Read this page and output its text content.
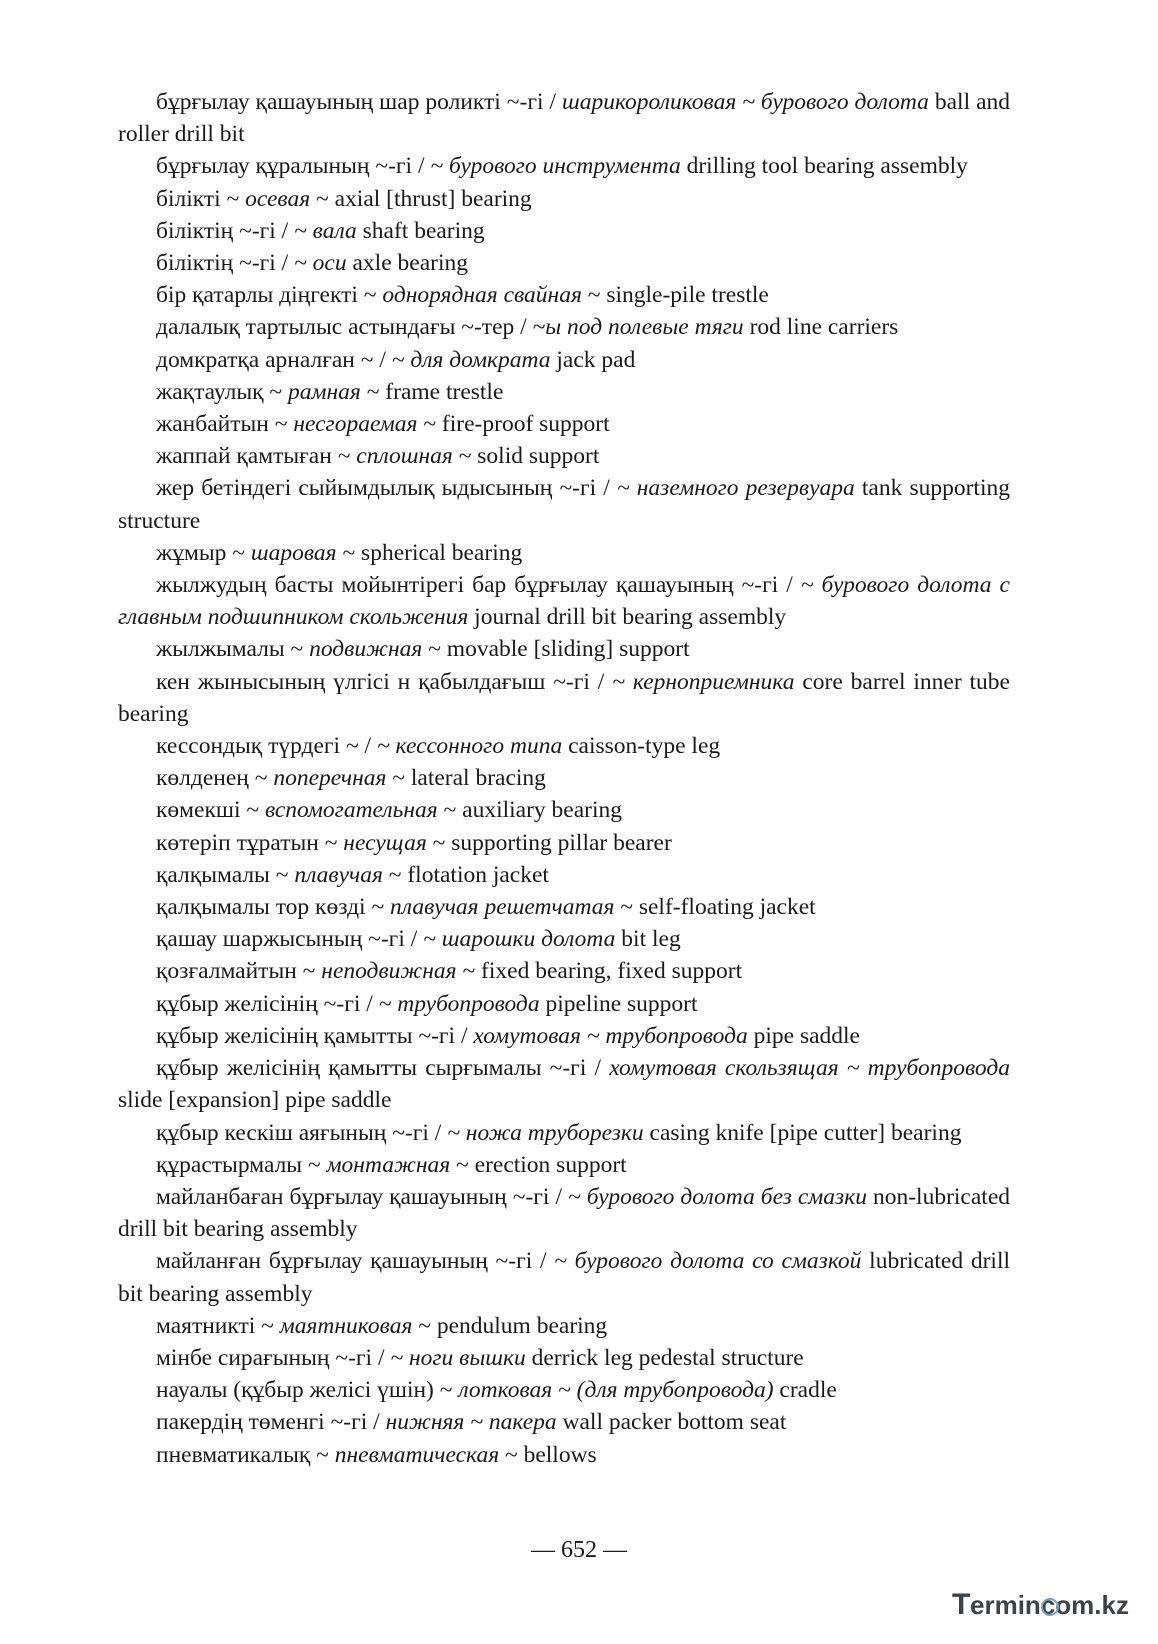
бұрғылау қашауының шар роликті ~-гі / шарикороликовая ~ бурового долота ball and roller drill bit

бұрғылау құралының ~-гі / ~ бурового инструмента drilling tool bearing assembly

білікті ~ осевая ~ axial [thrust] bearing

біліктің ~-гі / ~ вала shaft bearing

біліктің ~-гі / ~ оси axle bearing

бір қатарлы діңгекті ~ однорядная свайная ~ single-pile trestle

далалық тартылыс астындағы ~-тер / ~ы под полевые тяги rod line carriers

домкратқа арналған ~ / ~ для домкрата jack pad

жақтаулық ~ рамная ~ frame trestle

жанбайтын ~ несгораемая ~ fire-proof support

жаппай қамтыған ~ сплошная ~ solid support

жер бетіндегі сыйымдылық ыдысының ~-гі / ~ наземного резервуара tank supporting structure

жұмыр ~ шаровая ~ spherical bearing

жылжудың басты мойынтірегі бар бұрғылау қашауының ~-гі / ~ бурового долота с главным подшипником скольжения journal drill bit bearing assembly

жылжымалы ~ подвижная ~ movable [sliding] support

кен жынысының үлгісі н қабылдағыш ~-гі / ~ керноприемника core barrel inner tube bearing

кессондық түрдегі ~ / ~ кессонного типа caisson-type leg

көлденең ~ поперечная ~ lateral bracing

көмекші ~ вспомогательная ~ auxiliary bearing

көтеріп тұратын ~ несущая ~ supporting pillar bearer

қалқымалы ~ плавучая ~ flotation jacket

қалқымалы тор көзді ~ плавучая решетчатая ~ self-floating jacket

қашау шаржысының ~-гі / ~ шарошки долота bit leg

қозғалмайтын ~ неподвижная ~ fixed bearing, fixed support

құбыр желісінің ~-гі / ~ трубопровода pipeline support

құбыр желісінің қамытты ~-гі / хомутовая ~ трубопровода pipe saddle

құбыр желісінің қамытты сырғымалы ~-гі / хомутовая скользящая ~ трубопровода slide [expansion] pipe saddle

құбыр кескіш аяғының ~-гі / ~ ножа труборезки casing knife [pipe cutter] bearing

құрастырмалы ~ монтажная ~ erection support

майланбаған бұрғылау қашауының ~-гі / ~ бурового долота без смазки non-lubricated drill bit bearing assembly

майланған бұрғылау қашауының ~-гі / ~ бурового долота со смазкой lubricated drill bit bearing assembly

маятникті ~ маятниковая ~ pendulum bearing

мінбе сирағының ~-гі / ~ ноги вышки derrick leg pedestal structure

науалы (құбыр желісі үшін) ~ лотковая ~ (для трубопровода) cradle

пакердің төменгі ~-гі / нижняя ~ пакера wall packer bottom seat

пневматикалық ~ пневматическая ~ bellows

— 652 —
T ermincom.kz
